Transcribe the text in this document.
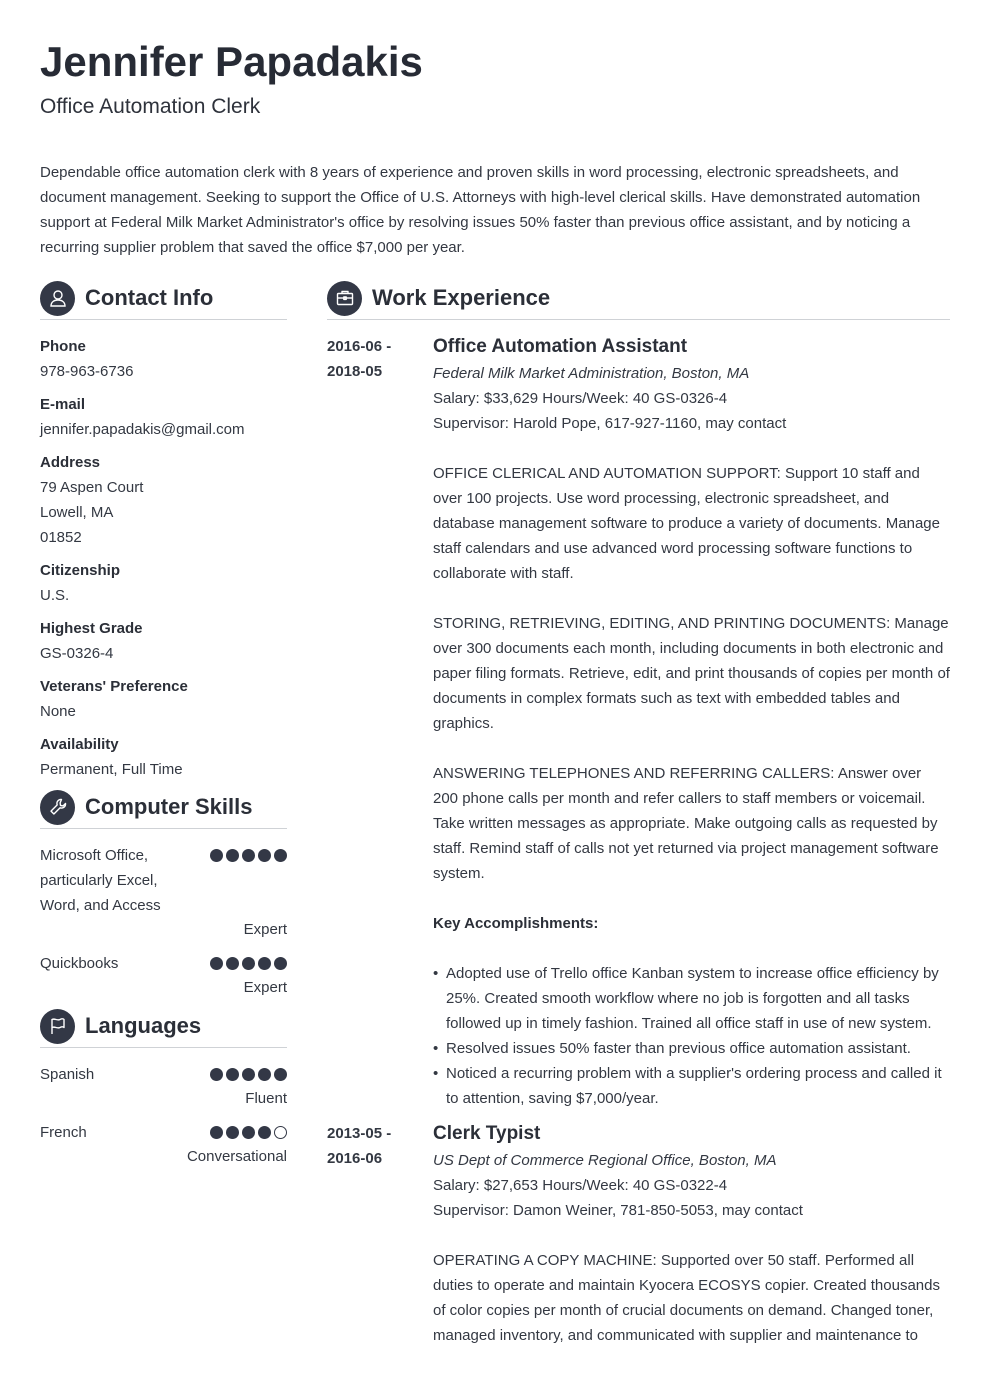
Jennifer Papadakis
Office Automation Clerk
Dependable office automation clerk with 8 years of experience and proven skills in word processing, electronic spreadsheets, and document management. Seeking to support the Office of U.S. Attorneys with high-level clerical skills. Have demonstrated automation support at Federal Milk Market Administrator's office by resolving issues 50% faster than previous office assistant, and by noticing a recurring supplier problem that saved the office $7,000 per year.
Contact Info
Phone
978-963-6736
E-mail
jennifer.papadakis@gmail.com
Address
79 Aspen Court
Lowell, MA
01852
Citizenship
U.S.
Highest Grade
GS-0326-4
Veterans' Preference
None
Availability
Permanent, Full Time
Computer Skills
Microsoft Office, particularly Excel, Word, and Access
Expert
Quickbooks
Expert
Languages
Spanish
Fluent
French
Conversational
Work Experience
2016-06 - 2018-05
Office Automation Assistant
Federal Milk Market Administration, Boston, MA
Salary: $33,629 Hours/Week: 40 GS-0326-4
Supervisor: Harold Pope, 617-927-1160, may contact
OFFICE CLERICAL AND AUTOMATION SUPPORT: Support 10 staff and over 100 projects. Use word processing, electronic spreadsheet, and database management software to produce a variety of documents. Manage staff calendars and use advanced word processing software functions to collaborate with staff.
STORING, RETRIEVING, EDITING, AND PRINTING DOCUMENTS: Manage over 300 documents each month, including documents in both electronic and paper filing formats. Retrieve, edit, and print thousands of copies per month of documents in complex formats such as text with embedded tables and graphics.
ANSWERING TELEPHONES AND REFERRING CALLERS: Answer over 200 phone calls per month and refer callers to staff members or voicemail. Take written messages as appropriate. Make outgoing calls as requested by staff. Remind staff of calls not yet returned via project management software system.
Key Accomplishments:
• Adopted use of Trello office Kanban system to increase office efficiency by 25%. Created smooth workflow where no job is forgotten and all tasks followed up in timely fashion. Trained all office staff in use of new system.
• Resolved issues 50% faster than previous office automation assistant.
• Noticed a recurring problem with a supplier's ordering process and called it to attention, saving $7,000/year.
2013-05 - 2016-06
Clerk Typist
US Dept of Commerce Regional Office, Boston, MA
Salary: $27,653 Hours/Week: 40 GS-0322-4
Supervisor: Damon Weiner, 781-850-5053, may contact
OPERATING A COPY MACHINE: Supported over 50 staff. Performed all duties to operate and maintain Kyocera ECOSYS copier. Created thousands of color copies per month of crucial documents on demand. Changed toner, managed inventory, and communicated with supplier and maintenance to
